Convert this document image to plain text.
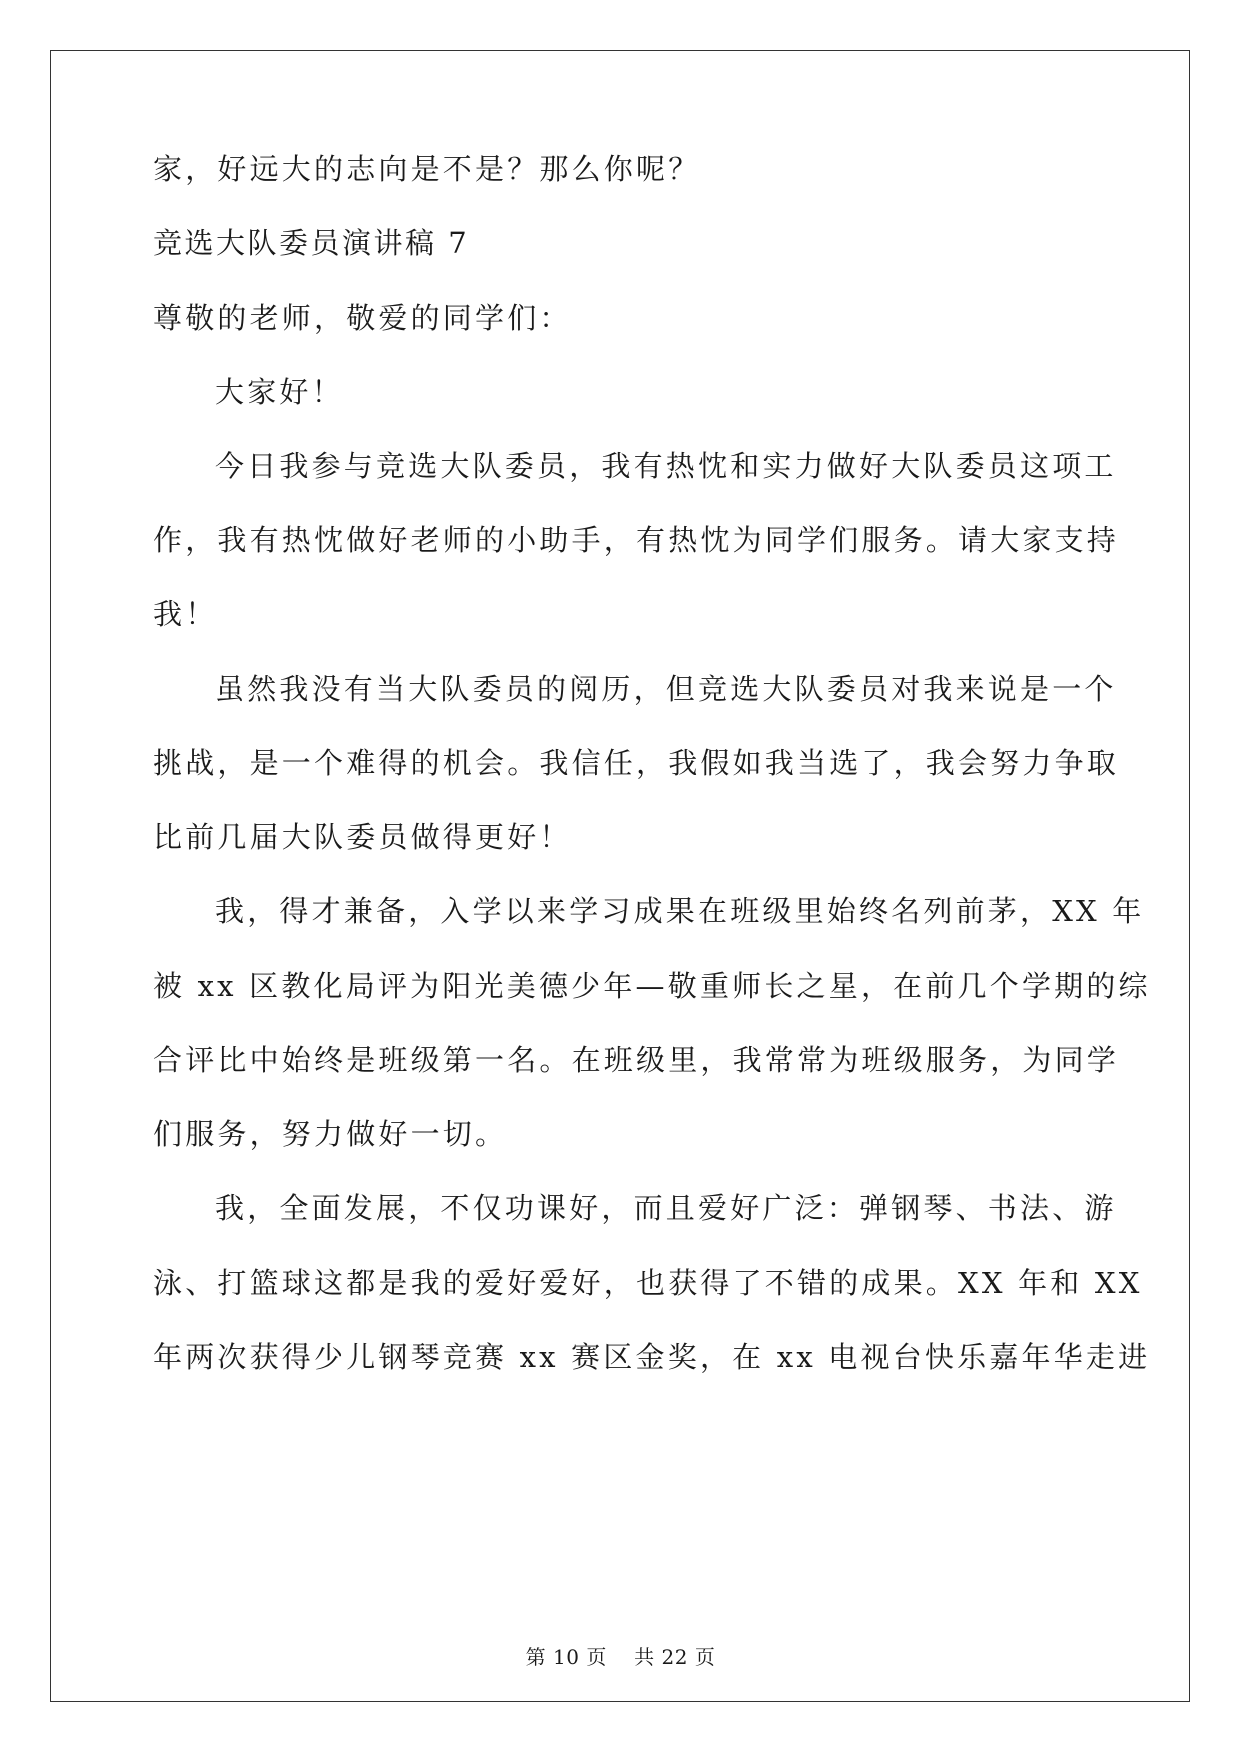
家，好远大的志向是不是？那么你呢？
竞选大队委员演讲稿 7
尊敬的老师，敬爱的同学们：
大家好！
今日我参与竞选大队委员，我有热忱和实力做好大队委员这项工
作，我有热忱做好老师的小助手，有热忱为同学们服务。请大家支持
我！
虽然我没有当大队委员的阅历，但竞选大队委员对我来说是一个
挑战，是一个难得的机会。我信任，我假如我当选了，我会努力争取
比前几届大队委员做得更好！
我，得才兼备，入学以来学习成果在班级里始终名列前茅，XX 年
被 xx 区教化局评为阳光美德少年—敬重师长之星，在前几个学期的综
合评比中始终是班级第一名。在班级里，我常常为班级服务，为同学
们服务，努力做好一切。
我，全面发展，不仅功课好，而且爱好广泛：弹钢琴、书法、游
泳、打篮球这都是我的爱好爱好，也获得了不错的成果。XX 年和 XX
年两次获得少儿钢琴竞赛 xx 赛区金奖，在 xx 电视台快乐嘉年华走进
第 10 页　 共 22 页
